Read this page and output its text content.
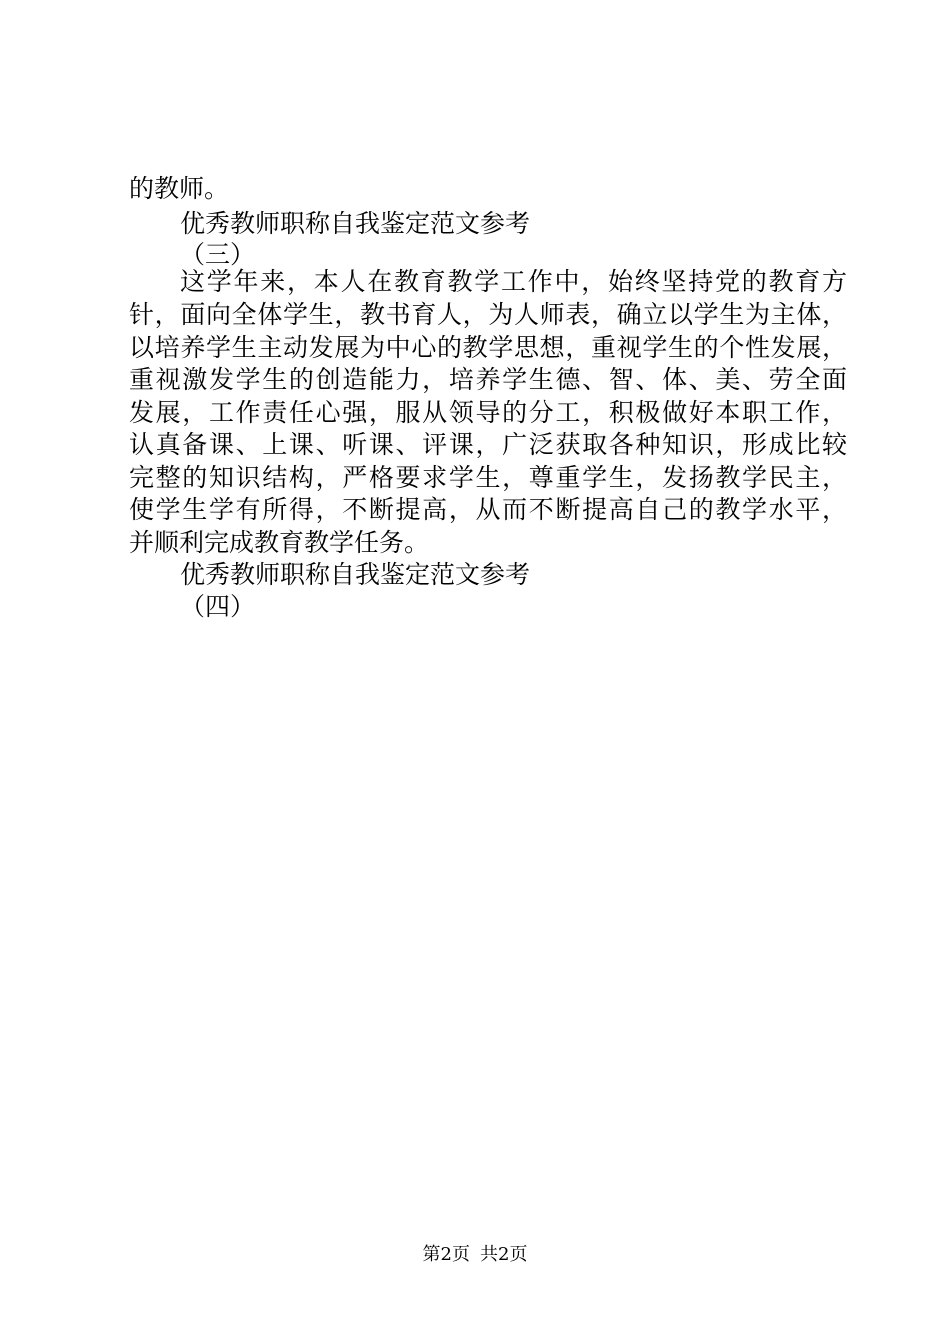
的教师。
优秀教师职称自我鉴定范文参考
（三）
这学年来，本人在教育教学工作中，始终坚持党的教育方
针，面向全体学生，教书育人，为人师表，确立以学生为主体，
以培养学生主动发展为中心的教学思想，重视学生的个性发展，
重视激发学生的创造能力，培养学生德、智、体、美、劳全面
发展，工作责任心强，服从领导的分工，积极做好本职工作，
认真备课、上课、听课、评课，广泛获取各种知识，形成比较
完整的知识结构，严格要求学生，尊重学生，发扬教学民主，
使学生学有所得，不断提高，从而不断提高自己的教学水平，
并顺利完成教育教学任务。
优秀教师职称自我鉴定范文参考
（四）
第2页 共2页
